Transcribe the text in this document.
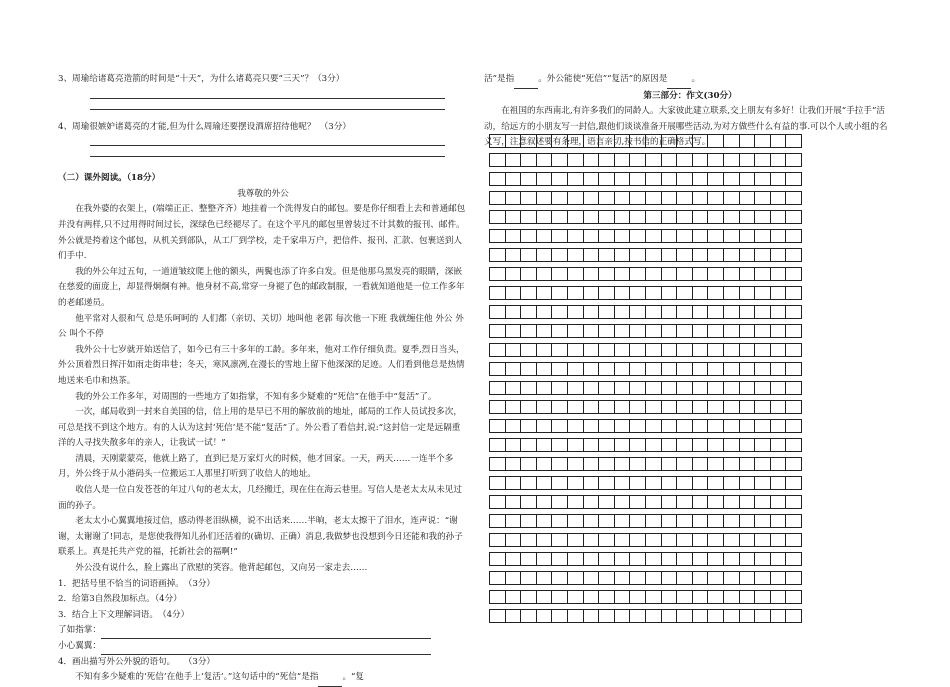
3、周瑜给诸葛亮造箭的时间是“十天”，为什么诸葛亮只要“三天”？（3分）

4、周瑜很嫉妒诸葛亮的才能,但为什么周瑜还要摆设酒席招待他呢？　（3分）

（二）课外阅读。（18分）

我尊敬的外公

在我外婆的衣架上，(端端正正、整整齐齐）地挂着一个洗得发白的邮包。要是你仔细看上去和普通邮包并没有两样,只不过用得时间过长，深绿色已经褪尽了。在这个平凡的邮包里曾装过不计其数的报刊、邮件。外公就是挎着这个邮包，从机关到部队，从工厂到学校，走千家串万户，把信件、报刊、汇款、包裹送到人们手中.

我的外公年过五旬，一道道皱纹爬上他的额头，两鬓也添了许多白发。但是他那乌黑发亮的眼睛，深嵌在慈爱的面庞上，却显得炯炯有神。他身材不高,常穿一身褪了色的邮政制服，一看就知道他是一位工作多年的老邮递员。

他平常对人很和气 总是乐呵呵的 人们都（亲切、关切）地叫他 老郭 每次他一下班 我就缠住他 外公 外公 叫个不停

我外公十七岁就开始送信了，如今已有三十多年的工龄。多年来，他对工作仔细负责。夏季,烈日当头，外公顶着烈日挥汗如雨走街串巷；冬天，寒风凛冽,在漫长的雪地上留下他深深的足迹。人们看到他总是热情地送来毛巾和热茶。

我的外公工作多年，对周围的一些地方了如指掌，不知有多少疑难的“死信”在他手中“复活”了。

一次，邮局收到一封来自美国的信，信上用的是早已不用的解放前的地址，邮局的工作人员试投多次，可总是找不到这个地方。有的人认为这封‘死信’是不能“复活”了。外公看了看信封,说:“这封信一定是远隔重洋的人寻找失散多年的亲人，让我试一试！”

清晨，天刚蒙蒙亮，他就上路了，直到已是万家灯火的时候，他才回家。一天，两天……一连半个多月，外公终于从小港码头一位搬运工人那里打听到了收信人的地址。

收信人是一位白发苍苍的年过八旬的老太太，几经搬迁，现在住在海云巷里。写信人是老太太从未见过面的孙子。

老太太小心翼翼地接过信，感动得老泪纵横，说不出话来……半晌，老太太擦干了泪水，连声说：“谢谢，太谢谢了!同志，是您使我得知儿孙们还活着的(确切、正确）消息,我做梦也没想到今日还能和我的孙子联系上。真是托共产党的福，托新社会的福啊!”

外公没有说什么，脸上露出了欣慰的笑容。他背起邮包，又向另一家走去……

1．把括号里不恰当的词语画掉。　（3分）

2．给第3自然段加标点。（4分）

3．结合上下文理解词语。　（4分）

了如指掌：

小心翼翼：

4．画出描写外公外貌的语句。　　（3分）

不知有多少疑难的‘死信’在他手上‘复活’。”这句话中的“死信”是指	。“复

活”是指	。外公能使“死信”“复活”的原因是	。

第三部分：作文(30分）

在祖国的东西南北,有许多我们的同龄人。大家彼此建立联系,交上朋友有多好！让我们开展“手拉手”活动，给远方的小朋友写一封信,跟他们谈谈准备开展哪些活动,为对方做些什么有益的事.可以个人或小组的名义写，注意叙述要有条理，语言亲切,按书信的正确格式写。
